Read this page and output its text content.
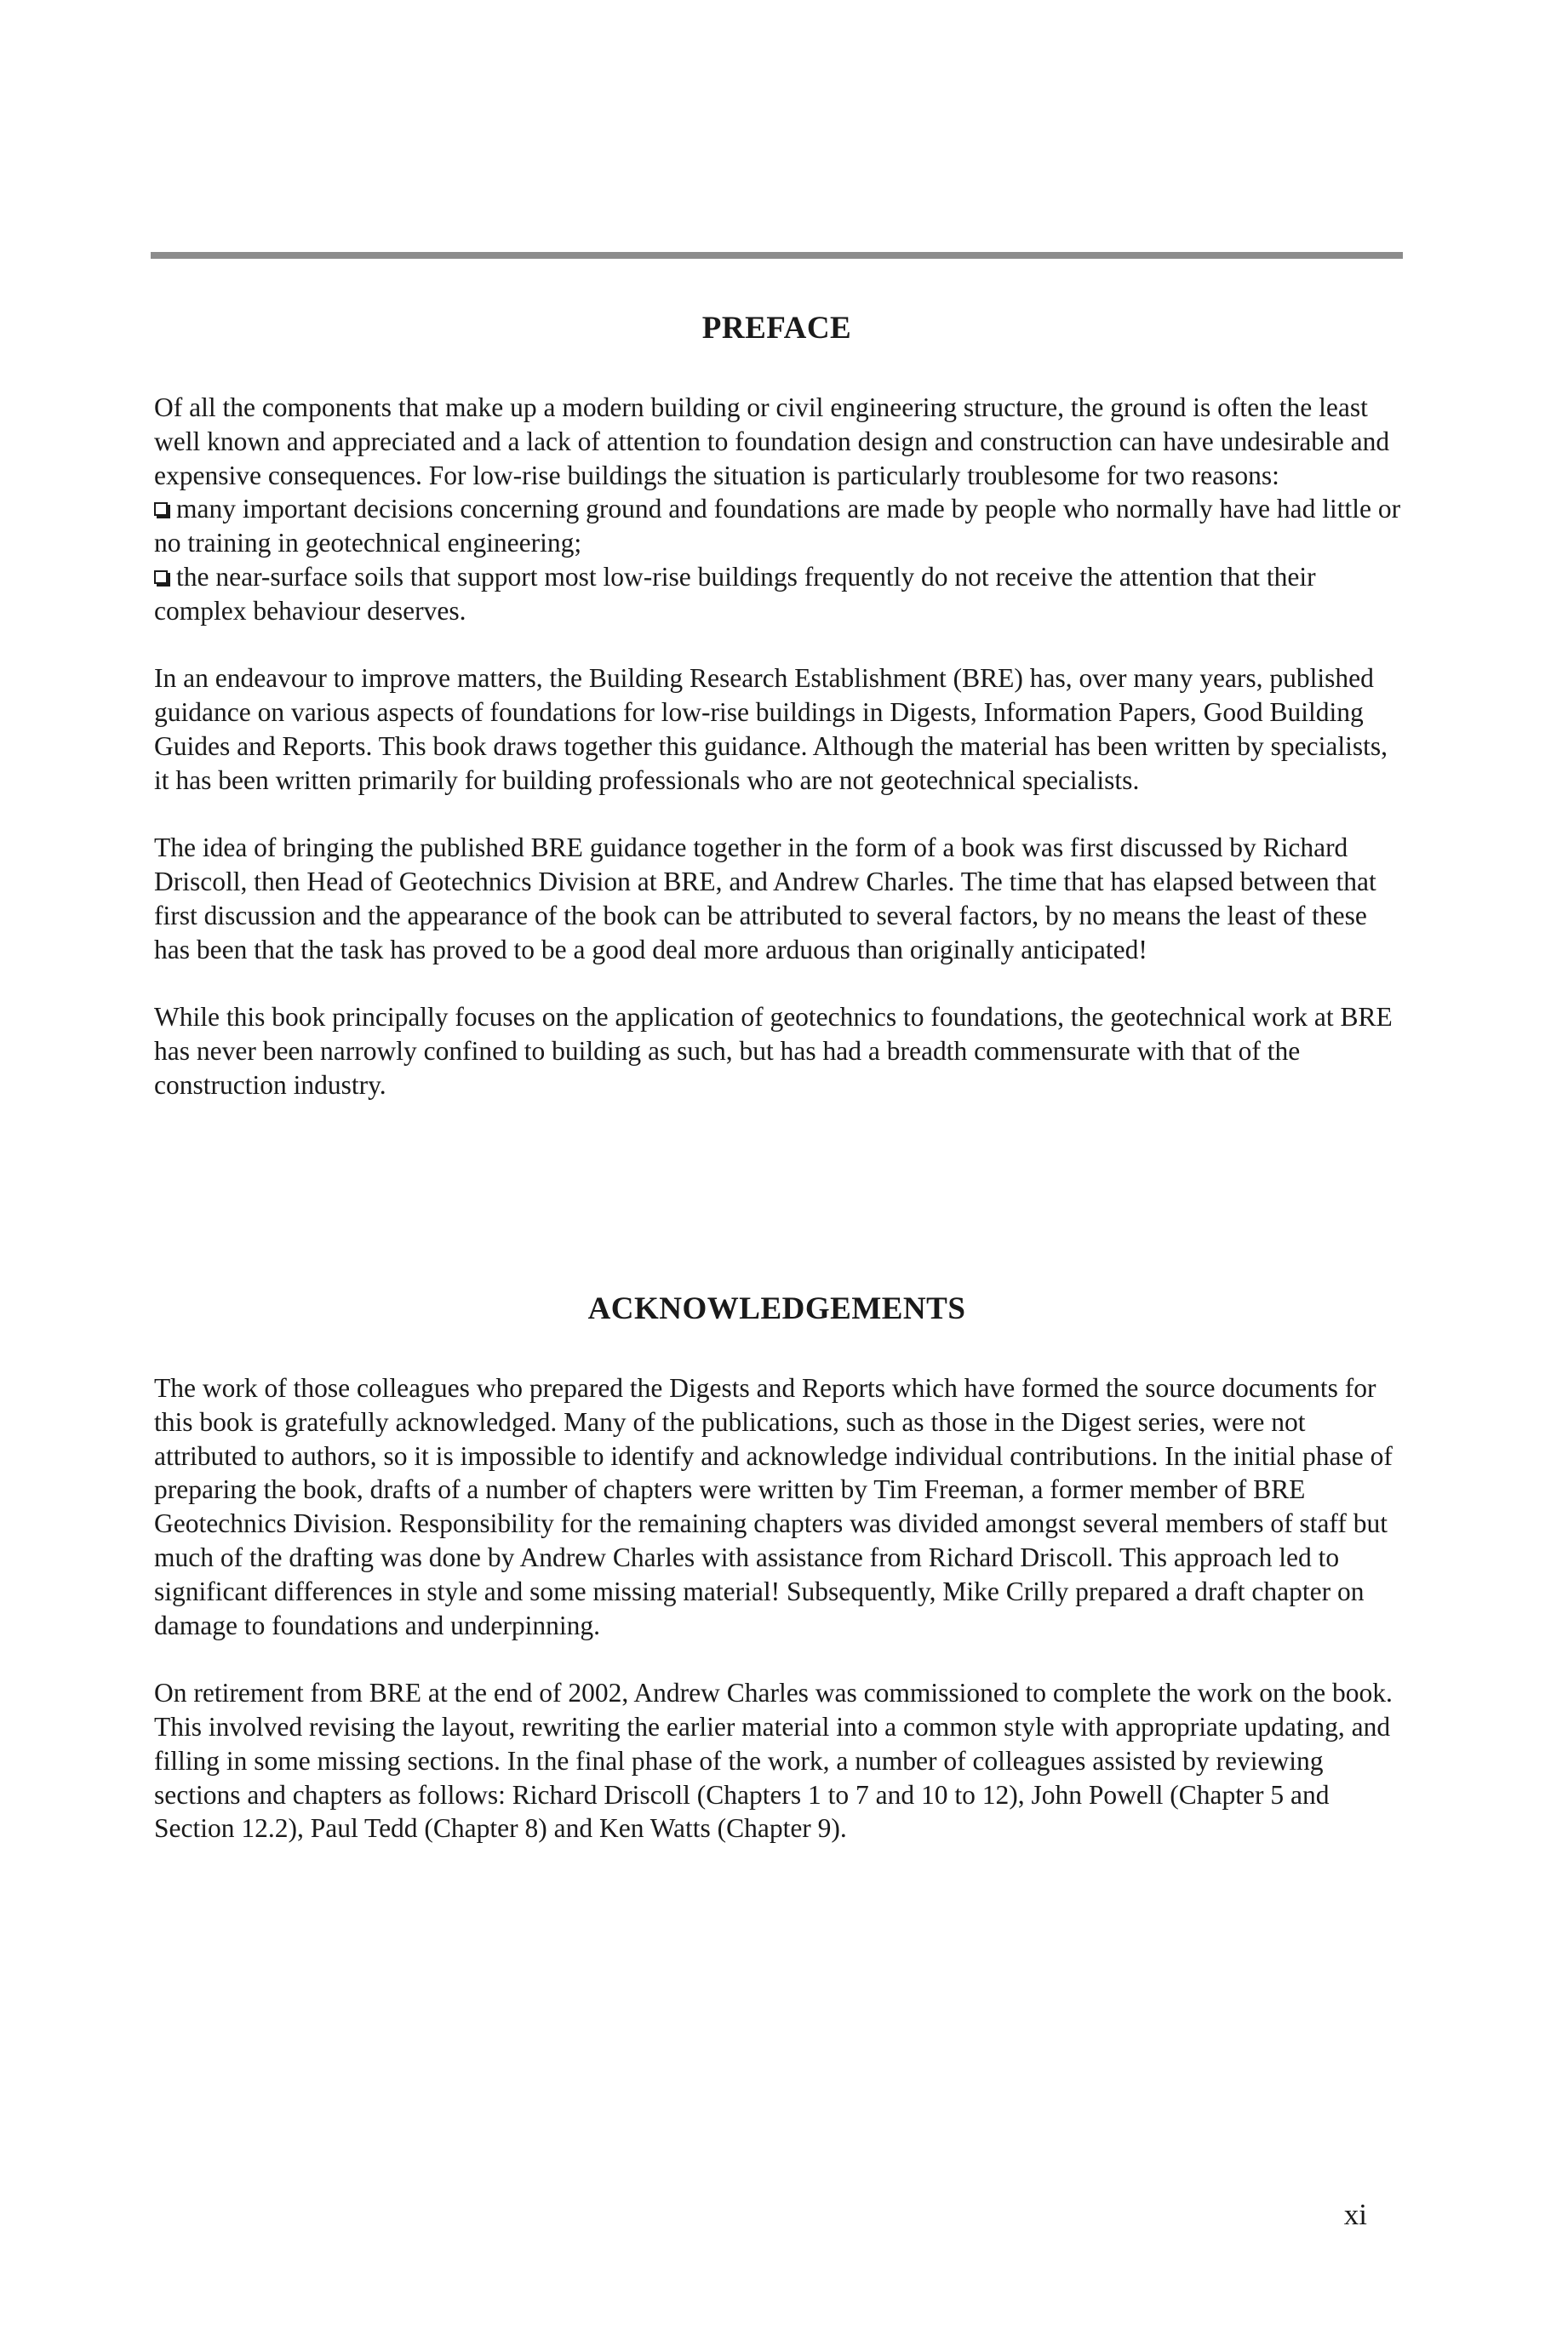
PREFACE

Of all the components that make up a modern building or civil engineering structure, the ground is often the least well known and appreciated and a lack of attention to foundation design and construction can have undesirable and expensive consequences. For low-rise buildings the situation is particularly troublesome for two reasons:
many important decisions concerning ground and foundations are made by people who normally have had little or no training in geotechnical engineering;
the near-surface soils that support most low-rise buildings frequently do not receive the attention that their complex behaviour deserves.

In an endeavour to improve matters, the Building Research Establishment (BRE) has, over many years, published guidance on various aspects of foundations for low-rise buildings in Digests, Information Papers, Good Building Guides and Reports. This book draws together this guidance. Although the material has been written by specialists, it has been written primarily for building professionals who are not geotechnical specialists.

The idea of bringing the published BRE guidance together in the form of a book was first discussed by Richard Driscoll, then Head of Geotechnics Division at BRE, and Andrew Charles. The time that has elapsed between that first discussion and the appearance of the book can be attributed to several factors, by no means the least of these has been that the task has proved to be a good deal more arduous than originally anticipated!

While this book principally focuses on the application of geotechnics to foundations, the geotechnical work at BRE has never been narrowly confined to building as such, but has had a breadth commensurate with that of the construction industry.

ACKNOWLEDGEMENTS

The work of those colleagues who prepared the Digests and Reports which have formed the source documents for this book is gratefully acknowledged. Many of the publications, such as those in the Digest series, were not attributed to authors, so it is impossible to identify and acknowledge individual contributions. In the initial phase of preparing the book, drafts of a number of chapters were written by Tim Freeman, a former member of BRE Geotechnics Division. Responsibility for the remaining chapters was divided amongst several members of staff but much of the drafting was done by Andrew Charles with assistance from Richard Driscoll. This approach led to significant differences in style and some missing material! Subsequently, Mike Crilly prepared a draft chapter on damage to foundations and underpinning.

On retirement from BRE at the end of 2002, Andrew Charles was commissioned to complete the work on the book. This involved revising the layout, rewriting the earlier material into a common style with appropriate updating, and filling in some missing sections. In the final phase of the work, a number of colleagues assisted by reviewing sections and chapters as follows: Richard Driscoll (Chapters 1 to 7 and 10 to 12), John Powell (Chapter 5 and Section 12.2), Paul Tedd (Chapter 8) and Ken Watts (Chapter 9).

xi
